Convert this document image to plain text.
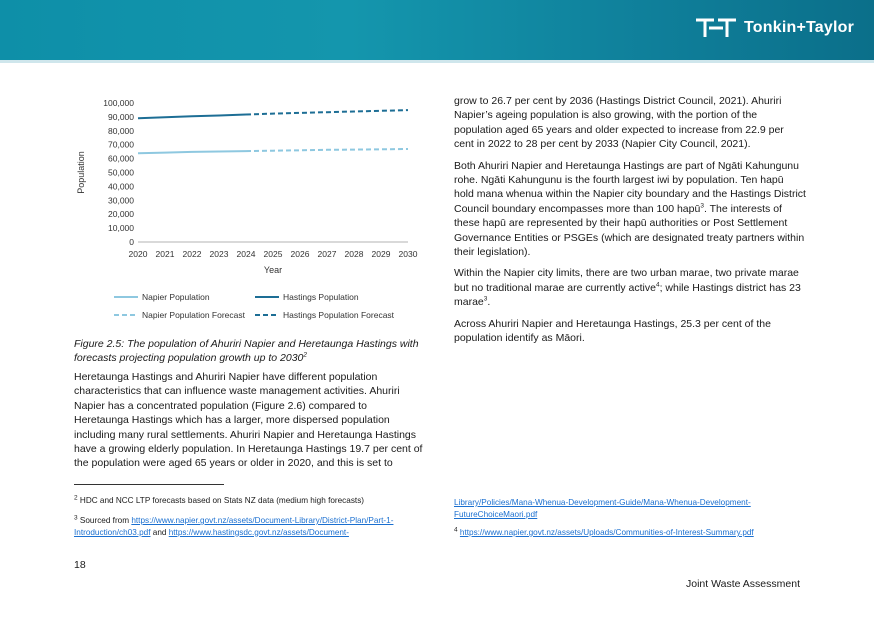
Tonkin+Taylor
0
10,000
20,000
30,000
40,000
50,000
60,000
70,000
80,000
90,000
100,000
2020 2021 2022 2023 2024 2025 2026 2027 2028 2029 2030
Population
Year
Napier Population	Hastings Population
Napier Population Forecast	Hastings Population Forecast
Figure 2.5: The population of Ahuriri Napier and Heretaunga Hastings with forecasts projecting population growth up to 2030$^2$

Heretaunga Hastings and Ahuriri Napier have different population characteristics that can influence waste management activities. Ahuriri Napier has a concentrated population (Figure 2.6) compared to Heretaunga Hastings which has a larger, more dispersed population including many rural settlements. Ahuriri Napier and Heretaunga Hastings have a growing elderly population. In Heretaunga Hastings 19.7 per cent of the population were aged 65 years or older in 2020, and this is set to

grow to 26.7 per cent by 2036 (Hastings District Council, 2021). Ahuriri Napier’s ageing population is also growing, with the portion of the population aged 65 years and older expected to increase from 22.9 per cent in 2022 to 28 per cent by 2033 (Napier City Council, 2021).

Both Ahuriri Napier and Heretaunga Hastings are part of Ngāti Kahungunu rohe. Ngāti Kahungunu is the fourth largest iwi by population. Ten hapū hold mana whenua within the Napier city boundary and the Hastings District Council boundary encompasses more than 100 hapū$^3$. The interests of these hapū are represented by their hapū authorities or Post Settlement Governance Entities or PSGEs (which are designated treaty partners within their legislation).

Within the Napier city limits, there are two urban marae, two private marae but no traditional marae are currently active$^4$; while Hastings district has 23 marae$^3$.

Across Ahuriri Napier and Heretaunga Hastings, 25.3 per cent of the population identify as Māori.

$^2$ HDC and NCC LTP forecasts based on Stats NZ data (medium high forecasts)
$^3$ Sourced from https://www.napier.govt.nz/assets/Document-Library/District-Plan/Part-1-Introduction/ch03.pdf and https://www.hastingsdc.govt.nz/assets/Document-
Library/Policies/Mana-Whenua-Development-Guide/Mana-Whenua-Development-FutureChoiceMaori.pdf
$^4$ https://www.napier.govt.nz/assets/Uploads/Communities-of-Interest-Summary.pdf
18
Joint Waste Assessment
